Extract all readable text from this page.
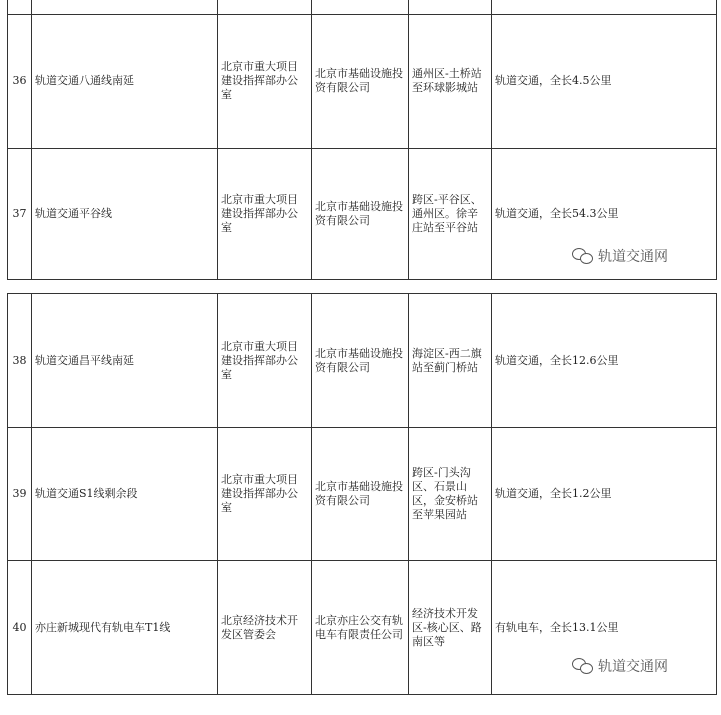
36	轨道交通八通线南延	北京市重大项目建设指挥部办公室	北京市基础设施投资有限公司	通州区-土桥站至环球影城站	轨道交通，全长4.5公里
37	轨道交通平谷线	北京市重大项目建设指挥部办公室	北京市基础设施投资有限公司	跨区-平谷区、通州区。徐辛庄站至平谷站	轨道交通，全长54.3公里
轨道交通网
38	轨道交通昌平线南延	北京市重大项目建设指挥部办公室	北京市基础设施投资有限公司	海淀区-西二旗站至蓟门桥站	轨道交通，全长12.6公里
39	轨道交通S1线剩余段	北京市重大项目建设指挥部办公室	北京市基础设施投资有限公司	跨区-门头沟区、石景山区，金安桥站至苹果园站	轨道交通，全长1.2公里
40	亦庄新城现代有轨电车T1线	北京经济技术开发区管委会	北京亦庄公交有轨电车有限责任公司	经济技术开发区-核心区、路南区等	有轨电车，全长13.1公里
轨道交通网
